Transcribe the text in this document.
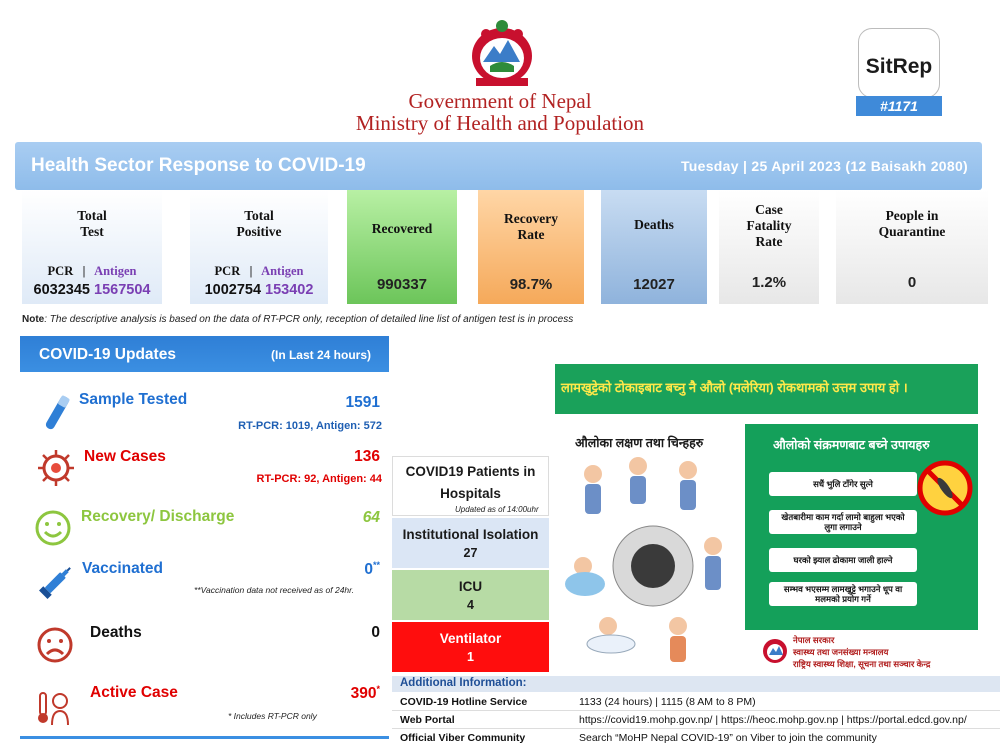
Government of Nepal
Ministry of Health and Population
SitRep
#1171
Health Sector Response to COVID-19	Tuesday | 25 April 2023 (12 Baisakh 2080)
Total
Test
PCR | Antigen
6032345 1567504
Total
Positive
PCR | Antigen
1002754 153402
Recovered
990337
Recovery
Rate
98.7%
Deaths
12027
Case
Fatality
Rate
1.2%
People in
Quarantine
0
Note: The descriptive analysis is based on the data of RT-PCR only, reception of detailed line list of antigen test is in process
COVID-19 Updates	(In Last 24 hours)
Sample Tested	1591
RT-PCR: 1019, Antigen: 572
New Cases	136
RT-PCR: 92, Antigen: 44
Recovery/ Discharge	64
Vaccinated	0**
**Vaccination data not received as of 24hr.
Deaths	0
Active Case	390*
* Includes RT-PCR only
COVID19 Patients in
Hospitals
Updated as of 14:00uhr
Institutional Isolation
27
ICU
4
Ventilator
1
लामखुट्टेको टोकाइबाट बच्नु नै औलो (मलेरिया) रोकथामको उत्तम उपाय हो ।
औलोका लक्षण तथा चिन्हहरु	औलोको संक्रमणबाट बच्ने उपायहरु
सधैं भुलि टाँगेर सुत्ने
खेतबारीमा काम गर्दा लामो बाहुला भएको लुगा लगाउने
घरको झ्याल ढोकामा जाली हाल्ने
सम्भव भएसम्म लामखुट्टे भगाउने धूप वा मलमको प्रयोग गर्ने
नेपाल सरकार
स्वास्थ्य तथा जनसंख्या मन्त्रालय
राष्ट्रिय स्वास्थ्य शिक्षा, सूचना तथा सञ्चार केन्द्र
Additional Information:
COVID-19 Hotline Service	1133 (24 hours) | 1115 (8 AM to 8 PM)
Web Portal	https://covid19.mohp.gov.np/ | https://heoc.mohp.gov.np | https://portal.edcd.gov.np/
Official Viber Community	Search “MoHP Nepal COVID-19” on Viber to join the community
